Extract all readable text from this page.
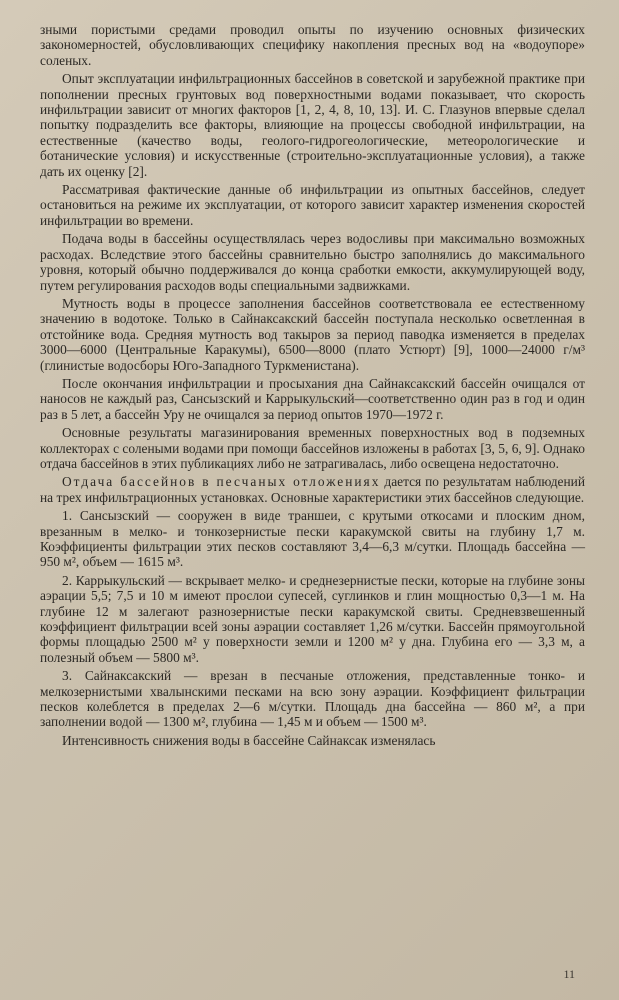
зными пористыми средами проводил опыты по изучению основных физических закономерностей, обусловливающих специфику накопления пресных вод на «водоупоре» соленых.

Опыт эксплуатации инфильтрационных бассейнов в советской и зарубежной практике при пополнении пресных грунтовых вод поверхностными водами показывает, что скорость инфильтрации зависит от многих факторов [1, 2, 4, 8, 10, 13]. И. С. Глазунов впервые сделал попытку подразделить все факторы, влияющие на процессы свободной инфильтрации, на естественные (качество воды, геолого-гидрогеологические, метеорологические и ботанические условия) и искусственные (строительно-эксплуатационные условия), а также дать их оценку [2].

Рассматривая фактические данные об инфильтрации из опытных бассейнов, следует остановиться на режиме их эксплуатации, от которого зависит характер изменения скоростей инфильтрации во времени.

Подача воды в бассейны осуществлялась через водосливы при максимально возможных расходах. Вследствие этого бассейны сравнительно быстро заполнялись до максимального уровня, который обычно поддерживался до конца сработки емкости, аккумулирующей воду, путем регулирования расходов воды специальными задвижками.

Мутность воды в процессе заполнения бассейнов соответствовала ее естественному значению в водотоке. Только в Сайнаксакский бассейн поступала несколько осветленная в отстойнике вода. Средняя мутность вод такыров за период паводка изменяется в пределах 3000—6000 (Центральные Каракумы), 6500—8000 (плато Устюрт) [9], 1000—24000 г/м³ (глинистые водосборы Юго-Западного Туркменистана).

После окончания инфильтрации и просыхания дна Сайнаксакский бассейн очищался от наносов не каждый раз, Сансызский и Каррыкульский—соответственно один раз в год и один раз в 5 лет, а бассейн Уру не очищался за период опытов 1970—1972 г.

Основные результаты магазинирования временных поверхностных вод в подземных коллекторах с солеными водами при помощи бассейнов изложены в работах [3, 5, 6, 9]. Однако отдача бассейнов в этих публикациях либо не затрагивалась, либо освещена недостаточно.

Отдача бассейнов в песчаных отложениях дается по результатам наблюдений на трех инфильтрационных установках. Основные характеристики этих бассейнов следующие.

1. Сансызский — сооружен в виде траншеи, с крутыми откосами и плоским дном, врезанным в мелко- и тонкозернистые пески каракумской свиты на глубину 1,7 м. Коэффициенты фильтрации этих песков составляют 3,4—6,3 м/сутки. Площадь бассейна — 950 м², объем — 1615 м³.

2. Каррыкульский — вскрывает мелко- и среднезернистые пески, которые на глубине зоны аэрации 5,5; 7,5 и 10 м имеют прослои супесей, суглинков и глин мощностью 0,3—1 м. На глубине 12 м залегают разнозернистые пески каракумской свиты. Средневзвешенный коэффициент фильтрации всей зоны аэрации составляет 1,26 м/сутки. Бассейн прямоугольной формы площадью 2500 м² у поверхности земли и 1200 м² у дна. Глубина его — 3,3 м, а полезный объем — 5800 м³.

3. Сайнаксакский — врезан в песчаные отложения, представленные тонко- и мелкозернистыми хвалынскими песками на всю зону аэрации. Коэффициент фильтрации песков колеблется в пределах 2—6 м/сутки. Площадь дна бассейна — 860 м², а при заполнении водой — 1300 м², глубина — 1,45 м и объем — 1500 м³.

Интенсивность снижения воды в бассейне Сайнаксак изменялась

11
